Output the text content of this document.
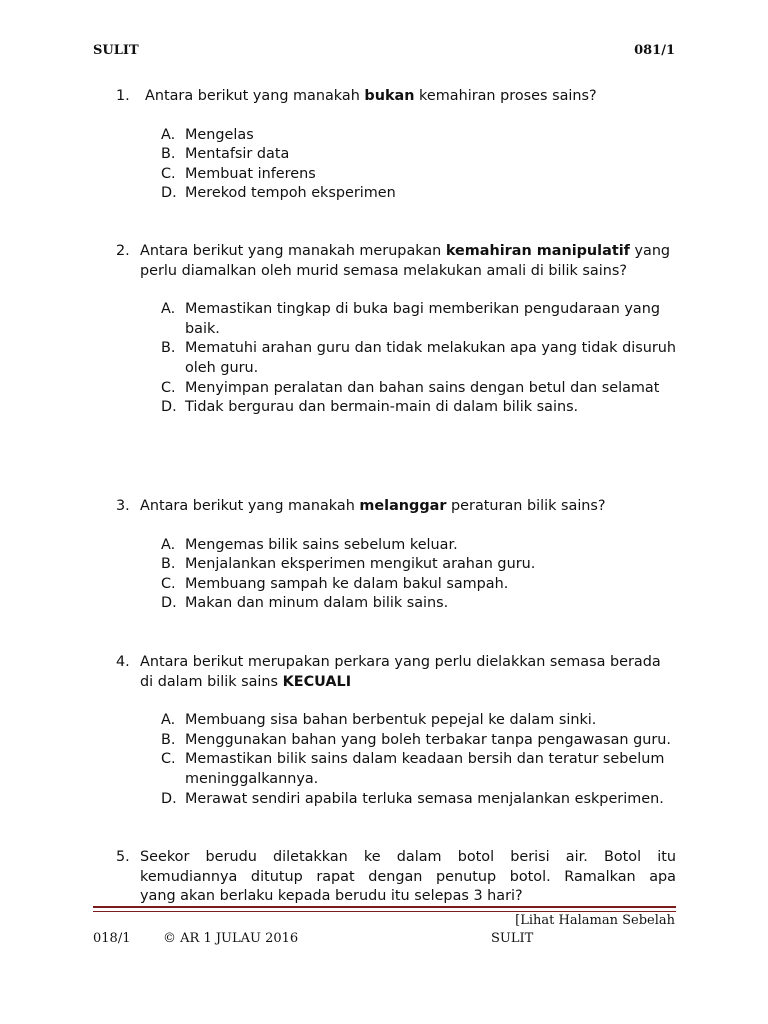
SULIT	081/1
1. Antara berikut yang manakah bukan kemahiran proses sains?
A. Mengelas
B. Mentafsir data
C. Membuat inferens
D. Merekod tempoh eksperimen
2. Antara berikut yang manakah merupakan kemahiran manipulatif yang perlu diamalkan oleh murid semasa melakukan amali di bilik sains?
A. Memastikan tingkap di buka bagi memberikan pengudaraan yang baik.
B. Mematuhi arahan guru dan tidak melakukan apa yang tidak disuruh oleh guru.
C. Menyimpan peralatan dan bahan sains dengan betul dan selamat
D. Tidak bergurau dan bermain-main di dalam bilik sains.
3. Antara berikut yang manakah melanggar peraturan bilik sains?
A. Mengemas bilik sains sebelum keluar.
B. Menjalankan eksperimen mengikut arahan guru.
C. Membuang sampah ke dalam bakul sampah.
D. Makan dan minum dalam bilik sains.
4. Antara berikut merupakan perkara yang perlu dielakkan semasa berada di dalam bilik sains KECUALI
A. Membuang sisa bahan berbentuk pepejal ke dalam sinki.
B. Menggunakan bahan yang boleh terbakar tanpa pengawasan guru.
C. Memastikan bilik sains dalam keadaan bersih dan teratur sebelum meninggalkannya.
D. Merawat sendiri apabila terluka semasa menjalankan eskperimen.
5. Seekor berudu diletakkan ke dalam botol berisi air. Botol itu
kemudiannya ditutup rapat dengan penutup botol. Ramalkan apa
yang akan berlaku kepada berudu itu selepas 3 hari?
[Lihat Halaman Sebelah
018/1	© AR 1 JULAU 2016	SULIT
